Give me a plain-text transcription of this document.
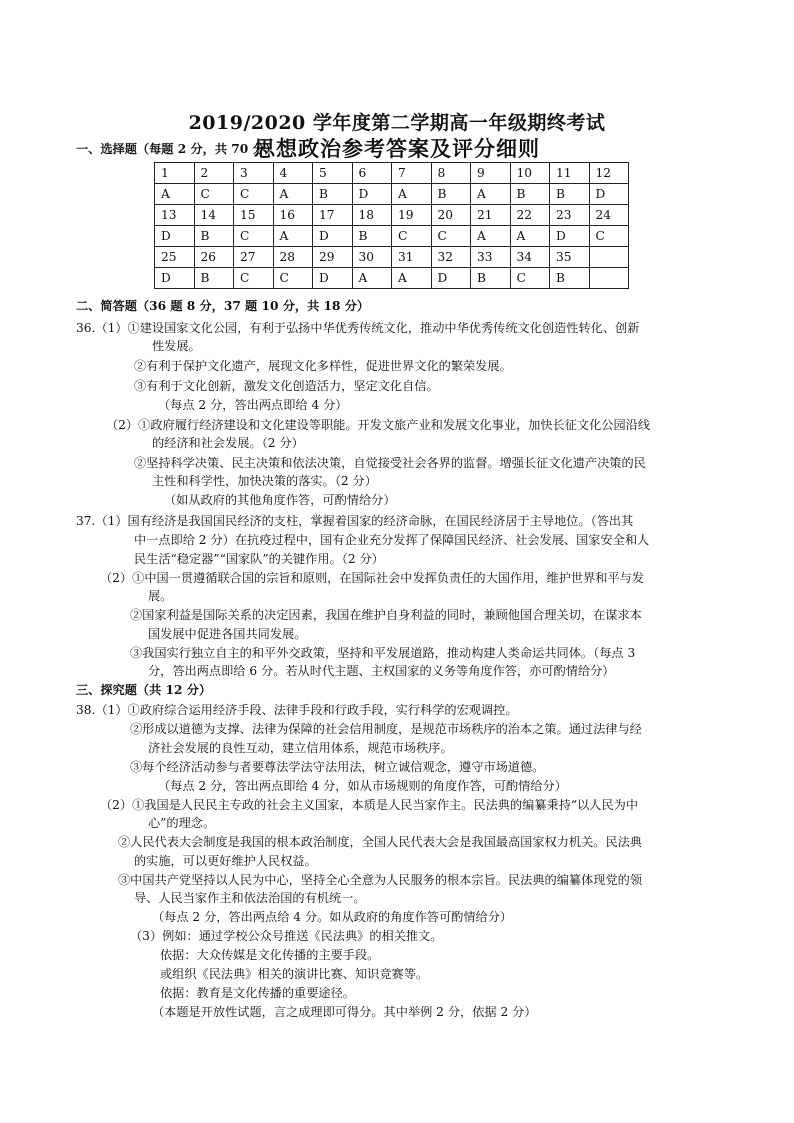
2019/2020 学年度第二学期高一年级期终考试
思想政治参考答案及评分细则
一、选择题（每题 2 分，共 70 分）
1	2	3	4	5	6	7	8	9	10	11	12
A	C	C	A	B	D	A	B	A	B	B	D
13	14	15	16	17	18	19	20	21	22	23	24
D	B	C	A	D	B	C	C	A	A	D	C
25	26	27	28	29	30	31	32	33	34	35	
D	B	C	C	D	A	A	D	B	C	B	
二、简答题（36 题 8 分，37 题 10 分，共 18 分）
36.（1）①建设国家文化公园，有利于弘扬中华优秀传统文化，推动中华优秀传统文化创造性转化、创新
性发展。
②有利于保护文化遗产，展现文化多样性，促进世界文化的繁荣发展。
③有利于文化创新，激发文化创造活力，坚定文化自信。
（每点 2 分，答出两点即给 4 分）
（2）①政府履行经济建设和文化建设等职能。开发文旅产业和发展文化事业，加快长征文化公园沿线
的经济和社会发展。（2 分）
②坚持科学决策、民主决策和依法决策，自觉接受社会各界的监督。增强长征文化遗产决策的民
主性和科学性，加快决策的落实。（2 分）
（如从政府的其他角度作答，可酌情给分）
37.（1）国有经济是我国国民经济的支柱，掌握着国家的经济命脉，在国民经济居于主导地位。（答出其
中一点即给 2 分）在抗疫过程中，国有企业充分发挥了保障国民经济、社会发展、国家安全和人
民生活“稳定器”“国家队”的关键作用。（2 分）
（2）①中国一贯遵循联合国的宗旨和原则，在国际社会中发挥负责任的大国作用，维护世界和平与发
展。
②国家利益是国际关系的决定因素，我国在维护自身利益的同时，兼顾他国合理关切，在谋求本
国发展中促进各国共同发展。
③我国实行独立自主的和平外交政策，坚持和平发展道路，推动构建人类命运共同体。（每点 3
分，答出两点即给 6 分。若从时代主题、主权国家的义务等角度作答，亦可酌情给分）
三、探究题（共 12 分）
38.（1）①政府综合运用经济手段、法律手段和行政手段，实行科学的宏观调控。
②形成以道德为支撑、法律为保障的社会信用制度，是规范市场秩序的治本之策。通过法律与经
济社会发展的良性互动，建立信用体系，规范市场秩序。
③每个经济活动参与者要尊法学法守法用法，树立诚信观念，遵守市场道德。
（每点 2 分，答出两点即给 4 分，如从市场规则的角度作答，可酌情给分）
（2）①我国是人民民主专政的社会主义国家，本质是人民当家作主。民法典的编纂秉持“以人民为中
心”的理念。
②人民代表大会制度是我国的根本政治制度，全国人民代表大会是我国最高国家权力机关。民法典
的实施，可以更好维护人民权益。
③中国共产党坚持以人民为中心，坚持全心全意为人民服务的根本宗旨。民法典的编纂体现党的领
导、人民当家作主和依法治国的有机统一。
（每点 2 分，答出两点给 4 分。如从政府的角度作答可酌情给分）
（3）例如：通过学校公众号推送《民法典》的相关推文。
依据：大众传媒是文化传播的主要手段。
或组织《民法典》相关的演讲比赛、知识竞赛等。
依据：教育是文化传播的重要途径。
（本题是开放性试题，言之成理即可得分。其中举例 2 分，依据 2 分）
